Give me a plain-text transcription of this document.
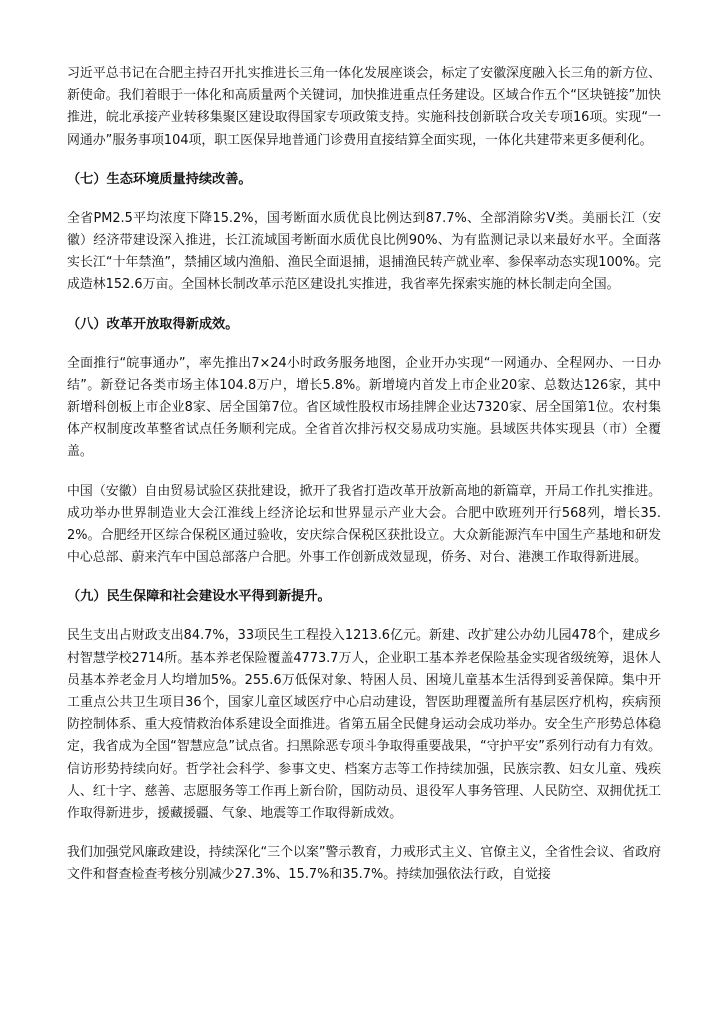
习近平总书记在合肥主持召开扎实推进长三角一体化发展座谈会，标定了安徽深度融入长三角的新方位、新使命。我们着眼于一体化和高质量两个关键词，加快推进重点任务建设。区域合作五个“区块链接”加快推进，皖北承接产业转移集聚区建设取得国家专项政策支持。实施科技创新联合攻关专项16项。实现“一网通办”服务事项104项，职工医保异地普通门诊费用直接结算全面实现，一体化共建带来更多便利化。

（七）生态环境质量持续改善。

全省PM2.5平均浓度下降15.2%，国考断面水质优良比例达到87.7%、全部消除劣Ⅴ类。美丽长江（安徽）经济带建设深入推进，长江流域国考断面水质优良比例90%、为有监测记录以来最好水平。全面落实长江“十年禁渔”，禁捕区域内渔船、渔民全面退捕，退捕渔民转产就业率、参保率动态实现100%。完成造林152.6万亩。全国林长制改革示范区建设扎实推进，我省率先探索实施的林长制走向全国。

（八）改革开放取得新成效。

全面推行“皖事通办”，率先推出7×24小时政务服务地图，企业开办实现“一网通办、全程网办、一日办结”。新登记各类市场主体104.8万户，增长5.8%。新增境内首发上市企业20家、总数达126家，其中新增科创板上市企业8家、居全国第7位。省区域性股权市场挂牌企业达7320家、居全国第1位。农村集体产权制度改革整省试点任务顺利完成。全省首次排污权交易成功实施。县域医共体实现县（市）全覆盖。

中国（安徽）自由贸易试验区获批建设，掀开了我省打造改革开放新高地的新篇章，开局工作扎实推进。成功举办世界制造业大会江淮线上经济论坛和世界显示产业大会。合肥中欧班列开行568列，增长35.2%。合肥经开区综合保税区通过验收，安庆综合保税区获批设立。大众新能源汽车中国生产基地和研发中心总部、蔚来汽车中国总部落户合肥。外事工作创新成效显现，侨务、对台、港澳工作取得新进展。

（九）民生保障和社会建设水平得到新提升。

民生支出占财政支出84.7%，33项民生工程投入1213.6亿元。新建、改扩建公办幼儿园478个，建成乡村智慧学校2714所。基本养老保险覆盖4773.7万人，企业职工基本养老保险基金实现省级统筹，退休人员基本养老金月人均增加5%。255.6万低保对象、特困人员、困境儿童基本生活得到妥善保障。集中开工重点公共卫生项目36个，国家儿童区域医疗中心启动建设，智医助理覆盖所有基层医疗机构，疾病预防控制体系、重大疫情救治体系建设全面推进。省第五届全民健身运动会成功举办。安全生产形势总体稳定，我省成为全国“智慧应急”试点省。扫黑除恶专项斗争取得重要战果，“守护平安”系列行动有力有效。信访形势持续向好。哲学社会科学、参事文史、档案方志等工作持续加强，民族宗教、妇女儿童、残疾人、红十字、慈善、志愿服务等工作再上新台阶，国防动员、退役军人事务管理、人民防空、双拥优抚工作取得新进步，援藏援疆、气象、地震等工作取得新成效。

我们加强党风廉政建设，持续深化“三个以案”警示教育，力戒形式主义、官僚主义，全省性会议、省政府文件和督查检查考核分别减少27.3%、15.7%和35.7%。持续加强依法行政，自觉接
